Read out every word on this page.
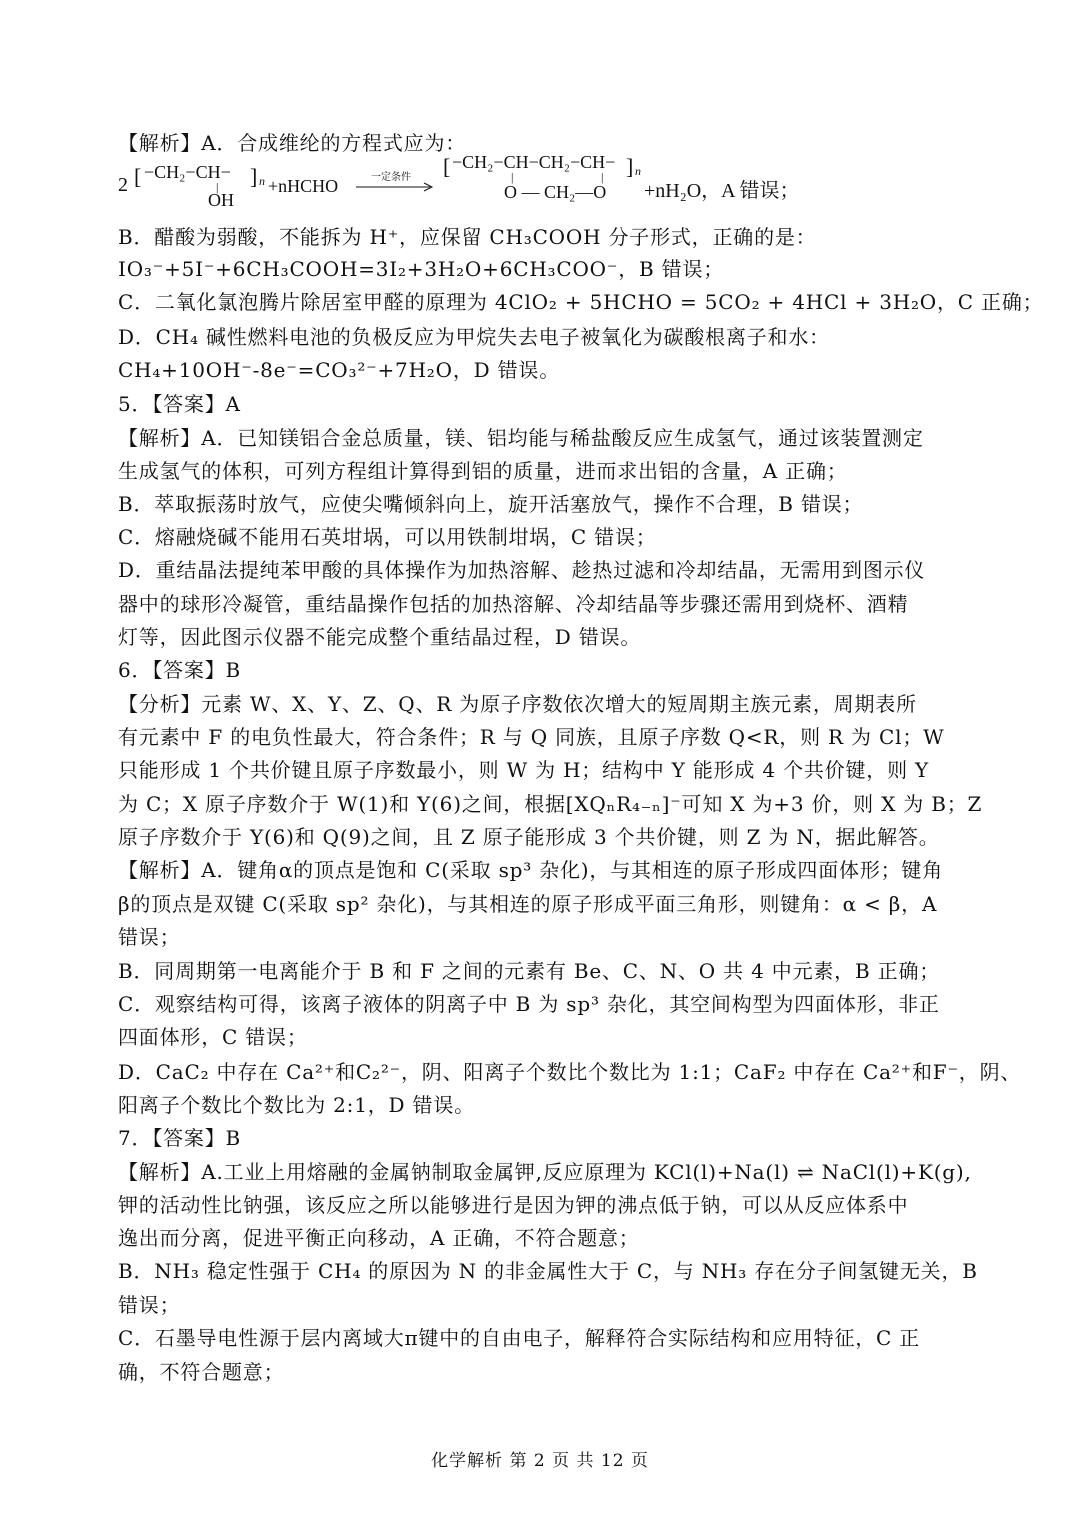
2 [ −CH₂−CH−
|
OH
] n +nHCHO	一定条件 [ −CH₂−CH−CH₂−CH−
|	|
O — CH₂—O
] n
+nH₂O，A 错误；
【解析】A．合成维纶的方程式应为：
B．醋酸为弱酸，不能拆为 H⁺，应保留 CH₃COOH 分子形式，正确的是：
IO₃⁻+5I⁻+6CH₃COOH=3I₂+3H₂O+6CH₃COO⁻，B 错误；
C．二氧化氯泡腾片除居室甲醛的原理为 4ClO₂ + 5HCHO = 5CO₂ + 4HCl + 3H₂O，C 正确；
D．CH₄ 碱性燃料电池的负极反应为甲烷失去电子被氧化为碳酸根离子和水：
CH₄+10OH⁻-8e⁻=CO₃²⁻+7H₂O，D 错误。
5．【答案】A
【解析】A．已知镁铝合金总质量，镁、铝均能与稀盐酸反应生成氢气，通过该装置测定
生成氢气的体积，可列方程组计算得到铝的质量，进而求出铝的含量，A 正确；
B．萃取振荡时放气，应使尖嘴倾斜向上，旋开活塞放气，操作不合理，B 错误；
C．熔融烧碱不能用石英坩埚，可以用铁制坩埚，C 错误；
D．重结晶法提纯苯甲酸的具体操作为加热溶解、趁热过滤和冷却结晶，无需用到图示仪
器中的球形冷凝管，重结晶操作包括的加热溶解、冷却结晶等步骤还需用到烧杯、酒精
灯等，因此图示仪器不能完成整个重结晶过程，D 错误。
6．【答案】B
【分析】元素 W、X、Y、Z、Q、R 为原子序数依次增大的短周期主族元素，周期表所
有元素中 F 的电负性最大，符合条件；R 与 Q 同族，且原子序数 Q<R，则 R 为 Cl；W
只能形成 1 个共价键且原子序数最小，则 W 为 H；结构中 Y 能形成 4 个共价键，则 Y
为 C；X 原子序数介于 W(1)和 Y(6)之间，根据[XQₙR₄₋ₙ]⁻可知 X 为+3 价，则 X 为 B；Z
原子序数介于 Y(6)和 Q(9)之间，且 Z 原子能形成 3 个共价键，则 Z 为 N，据此解答。
【解析】A．键角α的顶点是饱和 C(采取 sp³ 杂化)，与其相连的原子形成四面体形；键角
β的顶点是双键 C(采取 sp² 杂化)，与其相连的原子形成平面三角形，则键角：α < β，A
错误；
B．同周期第一电离能介于 B 和 F 之间的元素有 Be、C、N、O 共 4 中元素，B 正确；
C．观察结构可得，该离子液体的阴离子中 B 为 sp³ 杂化，其空间构型为四面体形，非正
四面体形，C 错误；
D．CaC₂ 中存在 Ca²⁺和C₂²⁻，阴、阳离子个数比个数比为 1:1；CaF₂ 中存在 Ca²⁺和F⁻，阴、
阳离子个数比个数比为 2:1，D 错误。
7．【答案】B
【解析】A.工业上用熔融的金属钠制取金属钾,反应原理为 KCl(l)+Na(l) ⇌ NaCl(l)+K(g),
钾的活动性比钠强，该反应之所以能够进行是因为钾的沸点低于钠，可以从反应体系中
逸出而分离，促进平衡正向移动，A 正确，不符合题意；
B．NH₃ 稳定性强于 CH₄ 的原因为 N 的非金属性大于 C，与 NH₃ 存在分子间氢键无关，B
错误；
C．石墨导电性源于层内离域大π键中的自由电子，解释符合实际结构和应用特征，C 正
确，不符合题意；
化学解析 第 2 页 共 12 页
